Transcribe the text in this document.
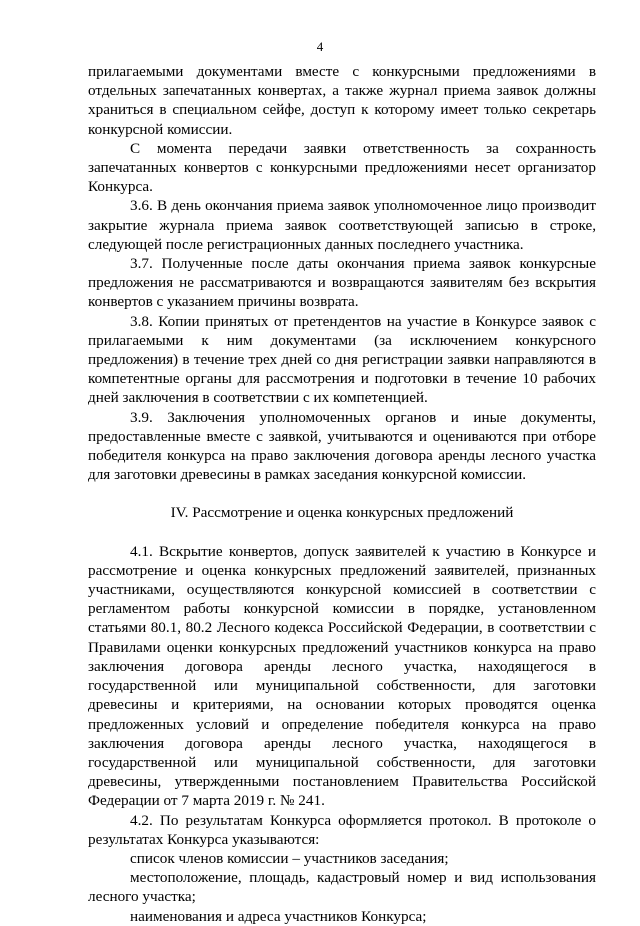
4

прилагаемыми документами вместе с конкурсными предложениями в отдельных запечатанных конвертах, а также журнал приема заявок должны храниться в специальном сейфе, доступ к которому имеет только секретарь конкурсной комиссии.

С момента передачи заявки ответственность за сохранность запечатанных конвертов с конкурсными предложениями несет организатор Конкурса.

3.6. В день окончания приема заявок уполномоченное лицо производит закрытие журнала приема заявок соответствующей записью в строке, следующей после регистрационных данных последнего участника.

3.7. Полученные после даты окончания приема заявок конкурсные предложения не рассматриваются и возвращаются заявителям без вскрытия конвертов с указанием причины возврата.

3.8. Копии принятых от претендентов на участие в Конкурсе заявок с прилагаемыми к ним документами (за исключением конкурсного предложения) в течение трех дней со дня регистрации заявки направляются в компетентные органы для рассмотрения и подготовки в течение 10 рабочих дней заключения в соответствии с их компетенцией.

3.9. Заключения уполномоченных органов и иные документы, предоставленные вместе с заявкой, учитываются и оцениваются при отборе победителя конкурса на право заключения договора аренды лесного участка для заготовки древесины в рамках заседания конкурсной комиссии.

IV. Рассмотрение и оценка конкурсных предложений

4.1. Вскрытие конвертов, допуск заявителей к участию в Конкурсе и рассмотрение и оценка конкурсных предложений заявителей, признанных участниками, осуществляются конкурсной комиссией в соответствии с регламентом работы конкурсной комиссии в порядке, установленном статьями 80.1, 80.2 Лесного кодекса Российской Федерации, в соответствии с Правилами оценки конкурсных предложений участников конкурса на право заключения договора аренды лесного участка, находящегося в государственной или муниципальной собственности, для заготовки древесины и критериями, на основании которых проводятся оценка предложенных условий и определение победителя конкурса на право заключения договора аренды лесного участка, находящегося в государственной или муниципальной собственности, для заготовки древесины, утвержденными постановлением Правительства Российской Федерации от 7 марта 2019 г. № 241.

4.2. По результатам Конкурса оформляется протокол. В протоколе о результатах Конкурса указываются:

список членов комиссии – участников заседания;

местоположение, площадь, кадастровый номер и вид использования лесного участка;

наименования и адреса участников Конкурса;
